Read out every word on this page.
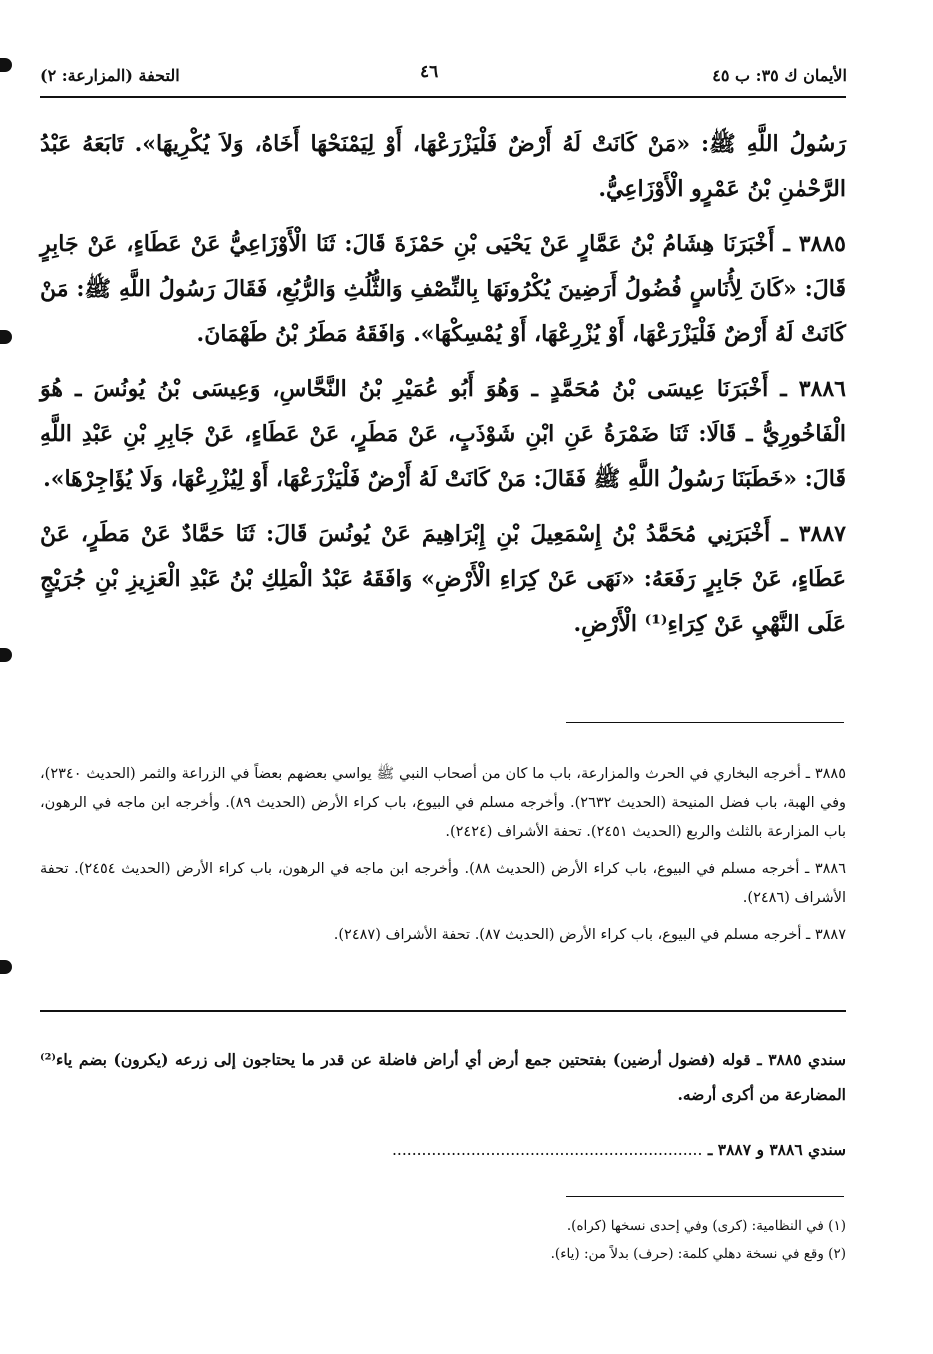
الأيمان ك ٣٥: ب ٤٥
٤٦
التحفة (المزارعة: ٢)

رَسُولُ اللَّهِ ﷺ: «مَنْ كَانَتْ لَهُ أَرْضٌ فَلْيَزْرَعْهَا، أَوْ لِيَمْنَحْهَا أَخَاهُ، وَلاَ يُكْرِيهَا». تَابَعَهُ عَبْدُ الرَّحْمٰنِ بْنُ عَمْرٍو الْأَوْزَاعِيُّ.

٣٨٨٥ ـ أَخْبَرَنَا هِشَامُ بْنُ عَمَّارٍ عَنْ يَحْيَى بْنِ حَمْزَةَ قَالَ: ثَنَا الْأَوْزَاعِيُّ عَنْ عَطَاءٍ، عَنْ جَابِرٍ قَالَ: «كَانَ لِأُنَاسٍ فُضُولُ أَرَضِينَ يُكْرُونَهَا بِالنِّصْفِ وَالثُّلُثِ وَالرُّبُعِ، فَقَالَ رَسُولُ اللَّهِ ﷺ: مَنْ كَانَتْ لَهُ أَرْضٌ فَلْيَزْرَعْهَا، أَوْ يُزْرِعْهَا، أَوْ يُمْسِكْهَا». وَافَقَهُ مَطَرُ بْنُ طَهْمَانَ.

٣٨٨٦ ـ أَخْبَرَنَا عِيسَى بْنُ مُحَمَّدٍ ـ وَهُوَ أَبُو عُمَيْرِ بْنُ النَّحَّاسِ، وَعِيسَى بْنُ يُونُسَ ـ هُوَ الْفَاخُورِيُّ ـ قَالَا: ثَنَا ضَمْرَةُ عَنِ ابْنِ شَوْذَبٍ، عَنْ مَطَرٍ، عَنْ عَطَاءٍ، عَنْ جَابِرِ بْنِ عَبْدِ اللَّهِ قَالَ: «خَطَبَنَا رَسُولُ اللَّهِ ﷺ فَقَالَ: مَنْ كَانَتْ لَهُ أَرْضٌ فَلْيَزْرَعْهَا، أَوْ لِيُزْرِعْهَا، وَلَا يُؤَاجِرْهَا».

٣٨٨٧ ـ أَخْبَرَنِي مُحَمَّدُ بْنُ إِسْمَعِيلَ بْنِ إِبْرَاهِيمَ عَنْ يُونُسَ قَالَ: ثَنَا حَمَّادٌ عَنْ مَطَرٍ، عَنْ عَطَاءٍ، عَنْ جَابِرٍ رَفَعَهُ: «نَهَى عَنْ كِرَاءِ الْأَرْضِ» وَافَقَهُ عَبْدُ الْمَلِكِ بْنُ عَبْدِ الْعَزِيزِ بْنِ جُرَيْجٍ عَلَى النَّهْيِ عَنْ كِرَاءِ⁽¹⁾ الْأَرْضِ.

٣٨٨٥ ـ أخرجه البخاري في الحرث والمزارعة، باب ما كان من أصحاب النبي ﷺ يواسي بعضهم بعضاً في الزراعة والثمر (الحديث ٢٣٤٠)، وفي الهبة، باب فضل المنيحة (الحديث ٢٦٣٢). وأخرجه مسلم في البيوع، باب كراء الأرض (الحديث ٨٩). وأخرجه ابن ماجه في الرهون، باب المزارعة بالثلث والربع (الحديث ٢٤٥١). تحفة الأشراف (٢٤٢٤).

٣٨٨٦ ـ أخرجه مسلم في البيوع، باب كراء الأرض (الحديث ٨٨). وأخرجه ابن ماجه في الرهون، باب كراء الأرض (الحديث ٢٤٥٤). تحفة الأشراف (٢٤٨٦).

٣٨٨٧ ـ أخرجه مسلم في البيوع، باب كراء الأرض (الحديث ٨٧). تحفة الأشراف (٢٤٨٧).

سندي ٣٨٨٥ ـ قوله (فضول أرضين) بفتحتين جمع أرض أي أراض فاضلة عن قدر ما يحتاجون إلى زرعه (يكرون) بضم ياء⁽²⁾ المضارعة من أكرى أرضه.

سندي ٣٨٨٦ و ٣٨٨٧ ـ ...............................................................

(١) في النظامية: (كرى) وفي إحدى نسخها (كراه).

(٢) وقع في نسخة دهلي كلمة: (حرف) بدلاً من: (ياء).
